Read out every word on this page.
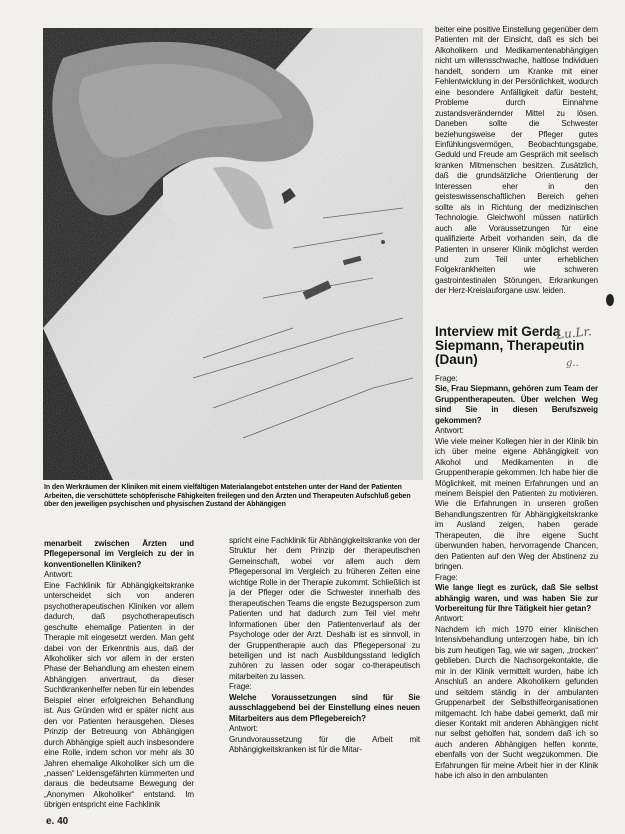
In den Werkräumen der Kliniken mit einem vielfältigen Materialangebot entstehen unter der Hand der Patienten Arbeiten, die verschüttete schöpferische Fähigkeiten freilegen und den Ärzten und Therapeuten Aufschluß geben über den jeweiligen psychischen und physischen Zustand der Abhängigen

menarbeit zwischen Ärzten und Pflegepersonal im Vergleich zu der in konventionellen Kliniken?

Antwort:

Eine Fachklinik für Abhängigkeitskranke unterscheidet sich von anderen psychotherapeutischen Kliniken vor allem dadurch, daß psychotherapeutisch geschulte ehemalige Patienten in der Therapie mit eingesetzt werden. Man geht dabei von der Erkenntnis aus, daß der Alkoholiker sich vor allem in der ersten Phase der Behandlung am ehesten einem Abhängigen anvertraut, da dieser Suchtkrankenhelfer neben für ein lebendes Beispiel einer erfolgreichen Behandlung ist. Aus Gründen wird er später nicht aus den vor Patienten herausgehen. Dieses Prinzip der Betreuung von Abhängigen durch Abhängige spielt auch insbesondere eine Rolle, indem schon vor mehr als 30 Jahren ehemalige Alkoholiker sich um die „nassen“ Leidensgefährten kümmerten und daraus die bedeutsame Bewegung der „Anonymen Alkoholiker“ entstand. Im übrigen entspricht eine Fachklinik

spricht eine Fachklinik für Abhängigkeitskranke von der Struktur her dem Prinzip der therapeutischen Gemeinschaft, wobei vor allem auch dem Pflegepersonal im Vergleich zu früheren Zeiten eine wichtige Rolle in der Therapie zukommt. Schließlich ist ja der Pfleger oder die Schwester innerhalb des therapeutischen Teams die engste Bezugsperson zum Patienten und hat dadurch zum Teil viel mehr Informationen über den Patientenverlauf als der Psychologe oder der Arzt. Deshalb ist es sinnvoll, in der Gruppentherapie auch das Pflegepersonal zu beteiligen und ist nach Ausbildungsstand lediglich zuhören zu lassen oder sogar co-therapeutisch mitarbeiten zu lassen.

Frage:

Welche Voraussetzungen sind für Sie ausschlaggebend bei der Einstellung eines neuen Mitarbeiters aus dem Pflegebereich?

Antwort:

Grundvoraussetzung für die Arbeit mit Abhängigkeitskranken ist für die Mitar-

beiter eine positive Einstellung gegenüber dem Patienten mit der Einsicht, daß es sich bei Alkoholikern und Medikamentenabhängigen nicht um willensschwache, haltlose Individuen handelt, sondern um Kranke mit einer Fehlentwicklung in der Persönlichkeit, wodurch eine besondere Anfälligkeit dafür besteht, Probleme durch Einnahme zustandsverändernder Mittel zu lösen. Daneben sollte die Schwester beziehungsweise der Pfleger gutes Einfühlungsvermögen, Beobachtungsgabe, Geduld und Freude am Gespräch mit seelisch kranken Mitmenschen besitzen. Zusätzlich, daß die grundsätzliche Orientierung der Interessen eher in den geisteswissenschaftlichen Bereich gehen sollte als in Richtung der medizinischen Technologie. Gleichwohl müssen natürlich auch alle Voraussetzungen für eine qualifizierte Arbeit vorhanden sein, da die Patienten in unserer Klinik möglichst werden und zum Teil unter erheblichen Folgekrankheiten wie schweren gastrointestinalen Störungen, Erkrankungen der Herz-Kreislauforgane usw. leiden.

Interview mit Gerda Siepmann, Therapeutin (Daun)
Lu.Lr.
g..

Frage:

Sie, Frau Siepmann, gehören zum Team der Gruppentherapeuten. Über welchen Weg sind Sie in diesen Berufszweig gekommen?

Antwort:

Wie viele meiner Kollegen hier in der Klinik bin ich über meine eigene Abhängigkeit von Alkohol und Medikamenten in die Gruppentherapie gekommen. Ich habe hier die Möglichkeit, mit meinen Erfahrungen und an meinem Beispiel den Patienten zu motivieren. Wie die Erfahrungen in unseren großen Behandlungszentren für Abhängigkeitskranke im Ausland zeigen, haben gerade Therapeuten, die ihre eigene Sucht überwunden haben, hervorragende Chancen, den Patienten auf den Weg der Abstinenz zu bringen.

Frage:

Wie lange liegt es zurück, daß Sie selbst abhängig waren, und was haben Sie zur Vorbereitung für Ihre Tätigkeit hier getan?

Antwort:

Nachdem ich mich 1970 einer klinischen Intensivbehandlung unterzogen habe, bin ich bis zum heutigen Tag, wie wir sagen, „trocken“ geblieben. Durch die Nachsorgekontakte, die mir in der Klinik vermittelt wurden, habe ich Anschluß an andere Alkoholikern gefunden und seitdem ständig in der ambulanten Gruppenarbeit der Selbsthilfeorganisationen mitgemacht. Ich habe dabei gemerkt, daß mir dieser Kontakt mit anderen Abhängigen nicht nur selbst geholfen hat, sondern daß ich so auch anderen Abhängigen helfen konnte, ebenfalls von der Sucht wegzukommen. Die Erfahrungen für meine Arbeit hier in der Klinik habe ich also in den ambulanten

e. 40
